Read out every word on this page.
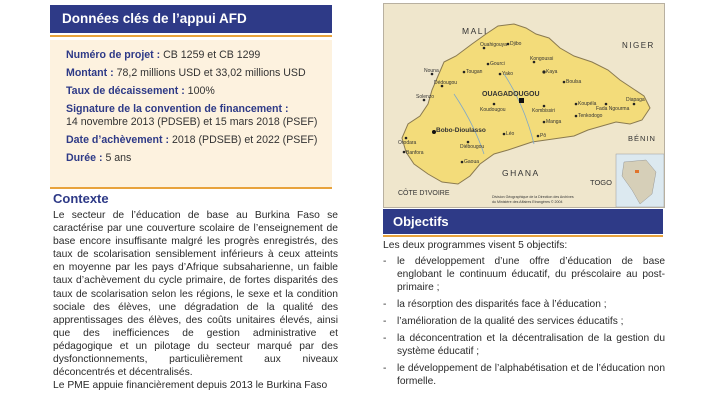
Données clés de l’appui AFD
Numéro de projet : CB 1259 et CB 1299
Montant : 78,2 millions USD et 33,02 millions USD
Taux de décaissement : 100%
Signature de la convention de financement :
14 novembre 2013 (PDSEB) et 15 mars 2018 (PSEF)
Date d’achèvement : 2018 (PDSEB) et 2022 (PSEF)
Durée : 5 ans
Contexte

Le secteur de l’éducation de base au Burkina Faso se caractérise par une couverture scolaire de l’enseignement de base encore insuffisante malgré les progrès enregistrés, des taux de scolarisation sensiblement inférieurs à ceux atteints en moyenne par les pays d’Afrique subsaharienne, un faible taux d’achèvement du cycle primaire, de fortes disparités des taux de scolarisation selon les régions, le sexe et la condition sociale des élèves, une dégradation de la qualité des apprentissages des élèves, des coûts unitaires élevés, ainsi que des inefficiences de gestion administrative et pédagogique et un pilotage du secteur marqué par des dysfonctionnements, particulièrement aux niveaux déconcentrés et décentralisés.

Le PME appuie financièrement depuis 2013 le Burkina Faso

MALI
NIGER
BÉNIN
GHANA
TOGO
CÔTE D'IVOIRE
OUAGADOUGOU
Ouahigouya Djibo
Gourci
Kongoussi
Kaya
Tougan	Yako
Boulsa
Dédougou
Koudougou
Koupéla
Fada Ngourma
Diapaga
Tenkodogo
Manga
Kombissiri
Bobo-Dioulasso
Banfora
Gaoua
Léo	Pô
Orodara
Diébougou
Solenzo
Nouna
Division Géographique de la Direction des Archives
du Ministère des Affaires Etrangères © 2004
Objectifs
Les deux programmes visent 5 objectifs:
- le développement d’une offre d’éducation de base englobant le continuum éducatif, du préscolaire au post-primaire ;
- la résorption des disparités face à l’éducation ;
- l’amélioration de la qualité des services éducatifs ;
- la déconcentration et la décentralisation de la gestion du système éducatif ;
- le développement de l’alphabétisation et de l’éducation non formelle.
